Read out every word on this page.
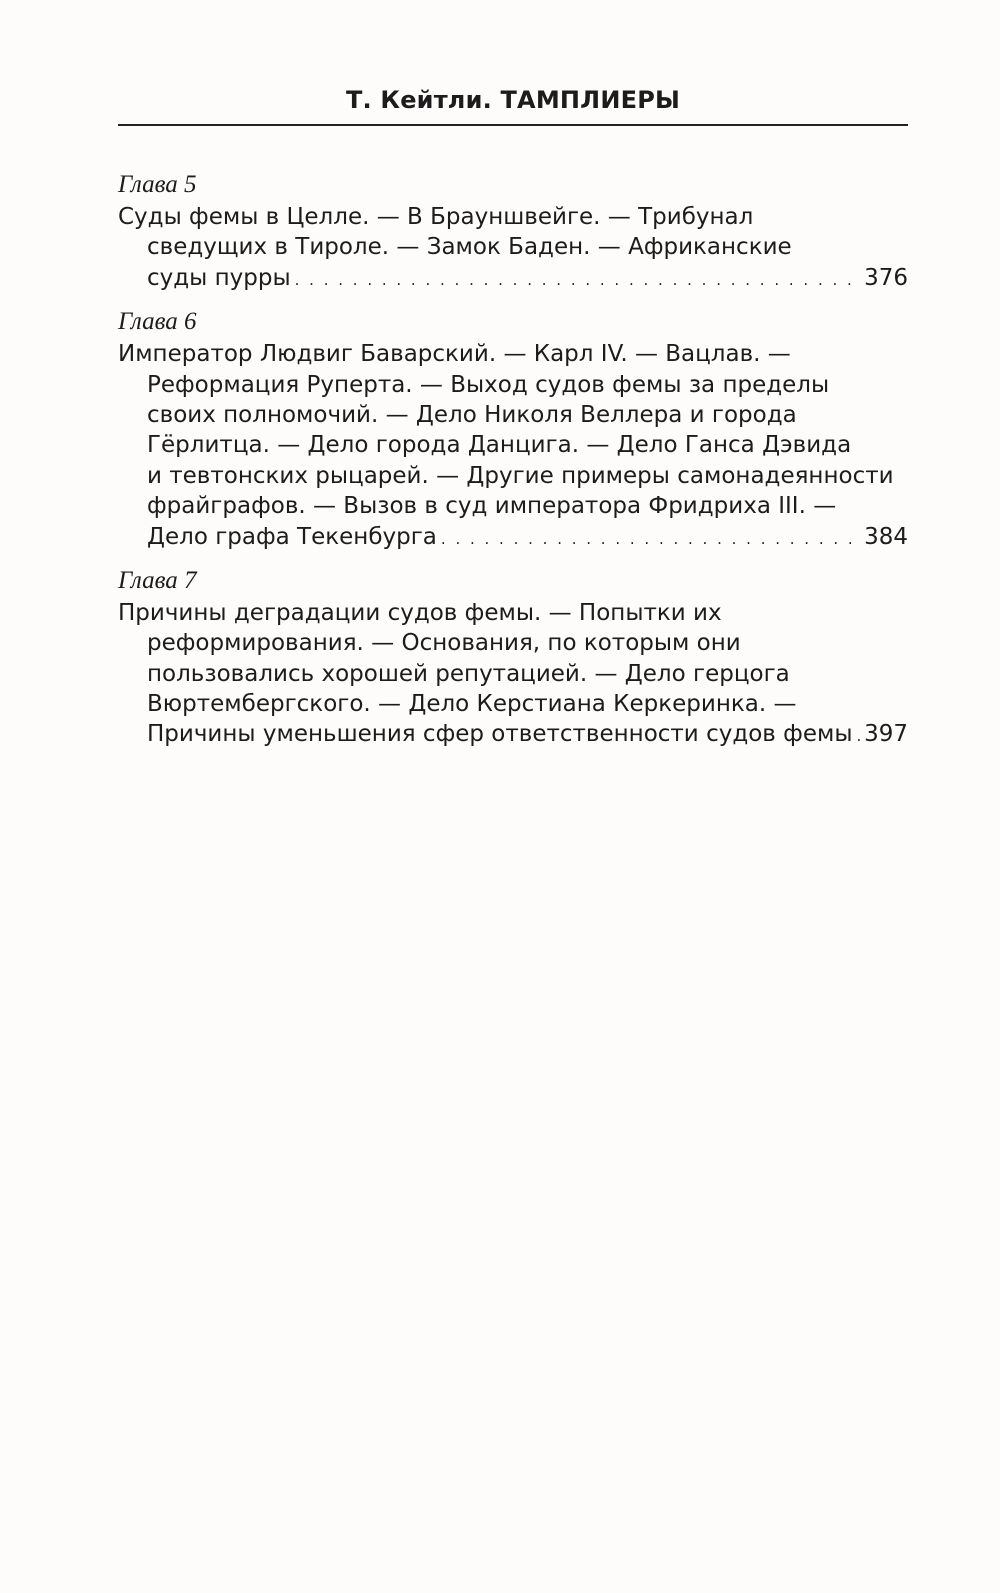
Т. Кейтли. ТАМПЛИЕРЫ
Глава 5
Суды фемы в Целле. — В Брауншвейге. — Трибунал
сведущих в Тироле. — Замок Баден. — Африканские
суды пурры . . .	376
Глава 6
Император Людвиг Баварский. — Карл IV. — Вацлав. —
Реформация Руперта. — Выход судов фемы за пределы
своих полномочий. — Дело Николя Веллера и города
Гёрлитца. — Дело города Данцига. — Дело Ганса Дэвида
и тевтонских рыцарей. — Другие примеры самонадеянности
фрайграфов. — Вызов в суд императора Фридриха III. —
Дело графа Текенбурга . . .	384
Глава 7
Причины деградации судов фемы. — Попытки их
реформирования. — Основания, по которым они
пользовались хорошей репутацией. — Дело герцога
Вюртембергского. — Дело Керстиана Керкеринка. —
Причины уменьшения сфер ответственности судов фемы . . . 397
